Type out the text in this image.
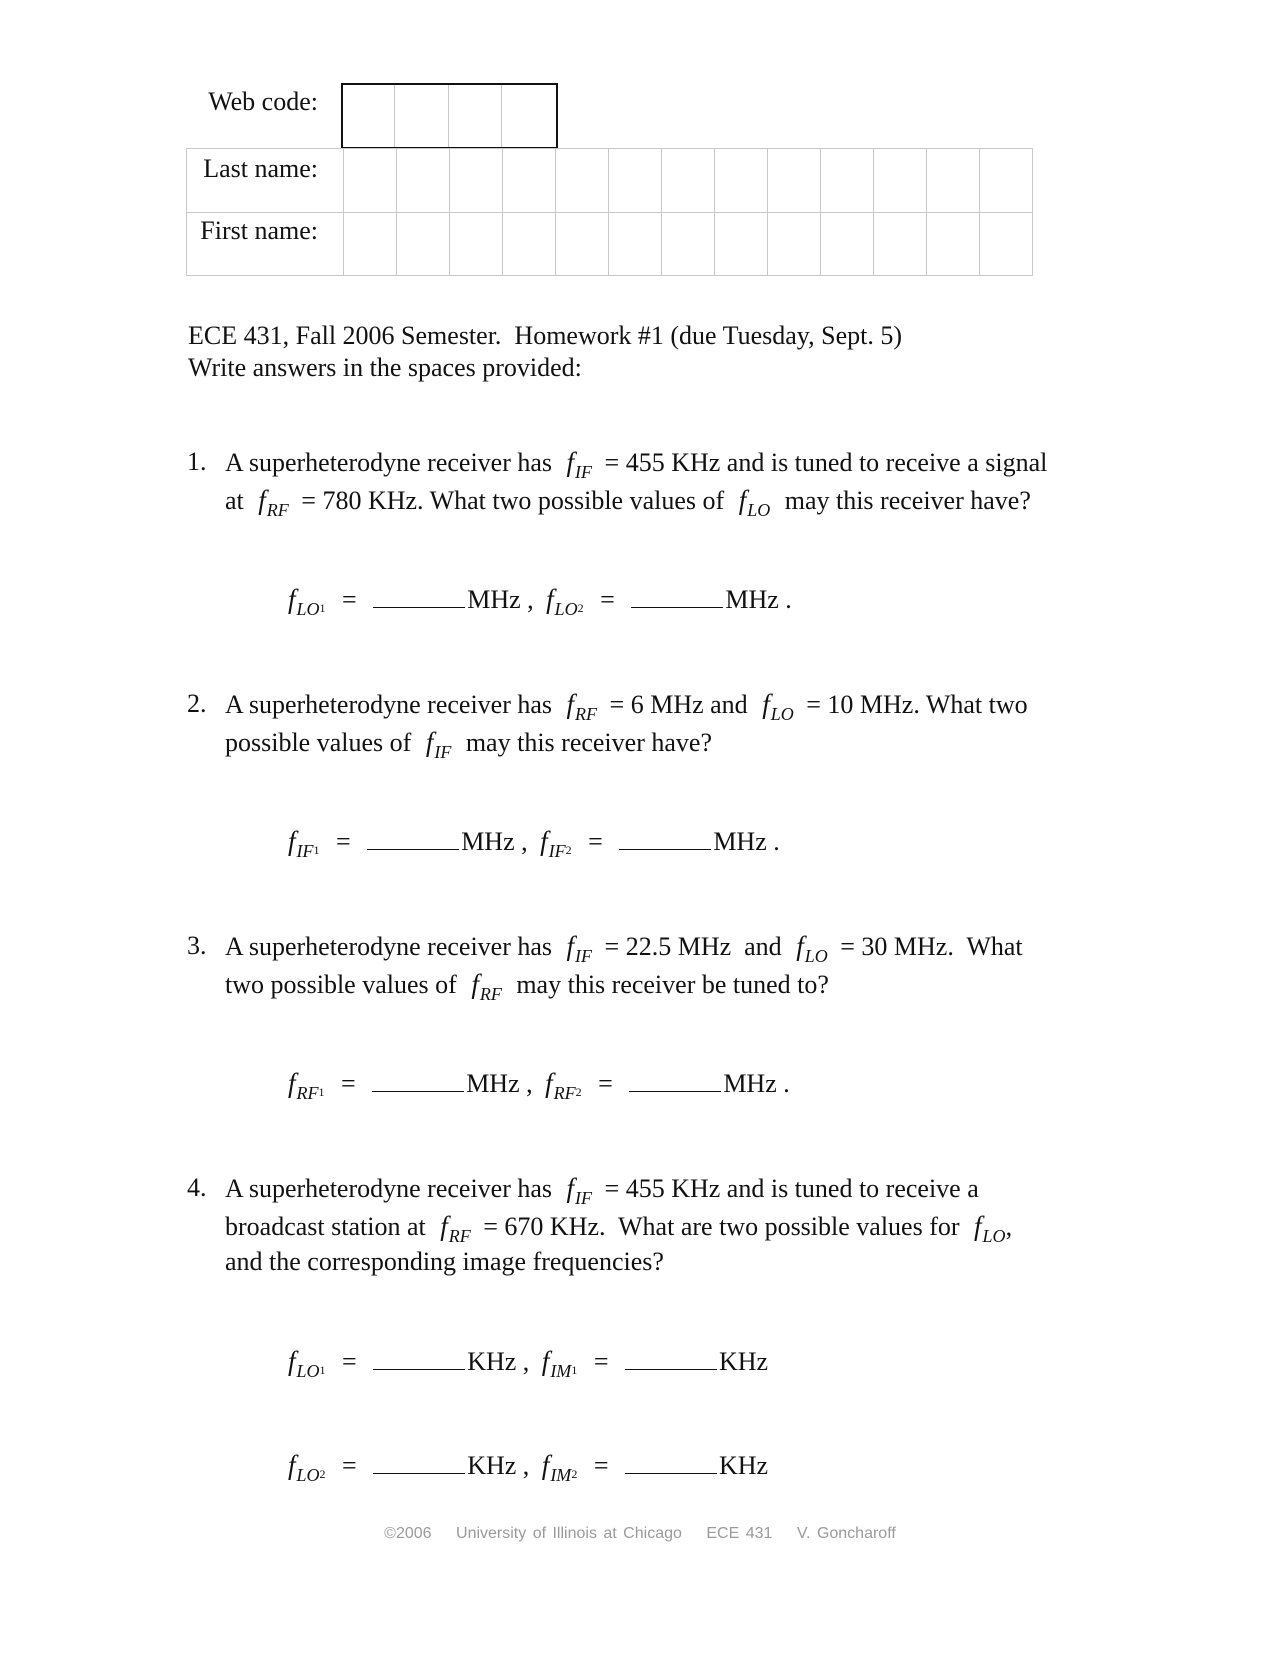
Web code:

Last name:
First name:
ECE 431, Fall 2006 Semester.  Homework #1 (due Tuesday, Sept. 5)
Write answers in the spaces provided:
1. A superheterodyne receiver has $f_{IF} = 455$ KHz and is tuned to receive a signal
at $f_{RF} = 780$ KHz. What two possible values of $f_{LO}$ may this receiver have?
$f_{LO}1$ =	MHz , $f_{LO}2$ =	MHz .
2. A superheterodyne receiver has $f_{RF} = 6$ MHz and $f_{LO} = 10$ MHz. What two
possible values of $f_{IF}$ may this receiver have?
$f_{IF}1$ =	MHz , $f_{IF}2$ =	MHz .
3. A superheterodyne receiver has $f_{IF} = 22.5$ MHz  and $f_{LO} = 30$ MHz.  What
two possible values of $f_{RF}$ may this receiver be tuned to?
$f_{RF}1$ =	MHz , $f_{RF}2$ =	MHz .
4. A superheterodyne receiver has $f_{IF} = 455$ KHz and is tuned to receive a
broadcast station at $f_{RF} = 670$ KHz.  What are two possible values for $f_{LO}$,
and the corresponding image frequencies?
$f_{LO}1$ =	KHz , $f_{IM}1$ =	KHz
$f_{LO}2$ =	KHz , $f_{IM}2$ =	KHz
©2006 University of Illinois at Chicago ECE 431 V. Goncharoff
